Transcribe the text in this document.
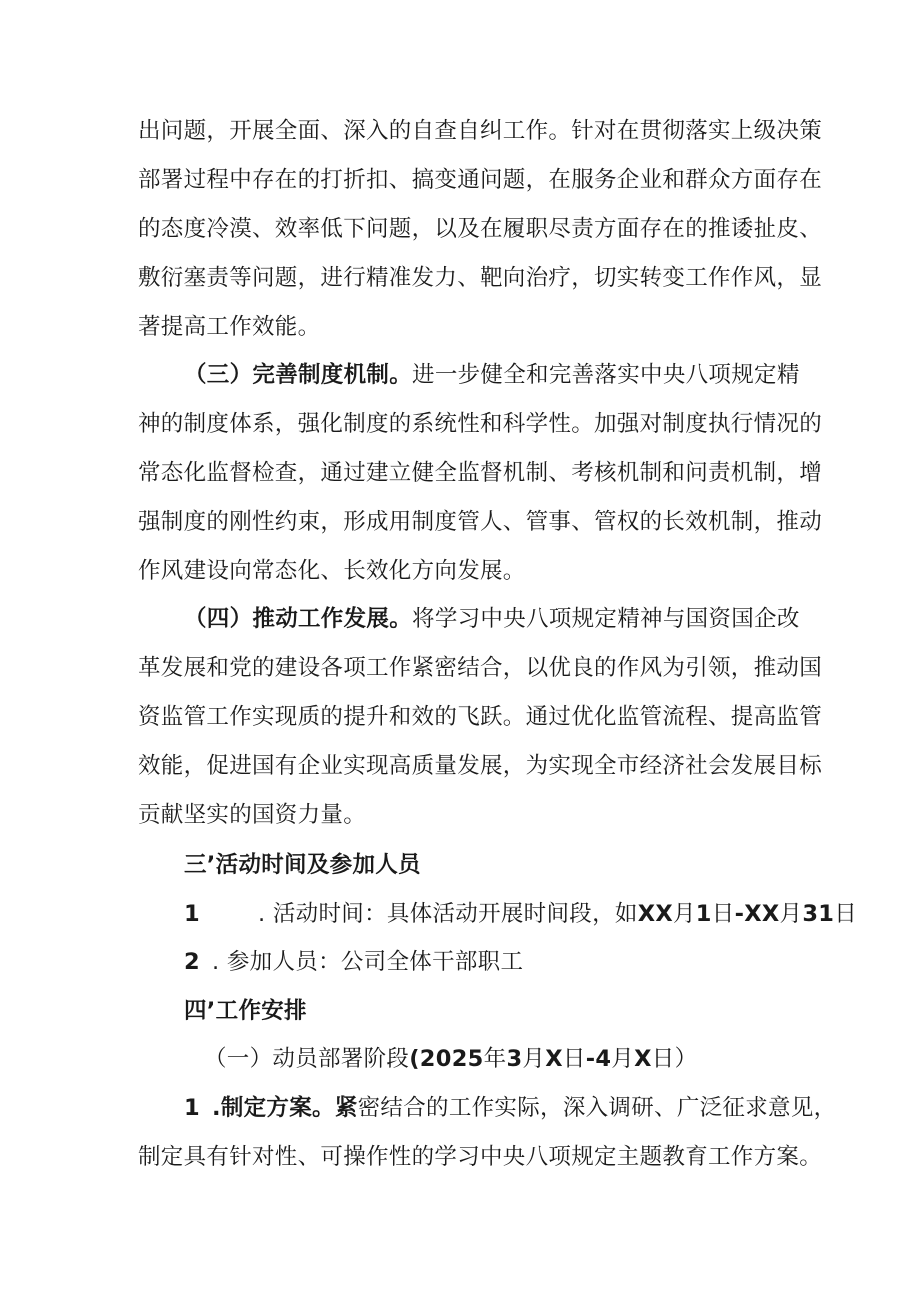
出问题，开展全面、深入的自查自纠工作。针对在贯彻落实上级决策
部署过程中存在的打折扣、搞变通问题，在服务企业和群众方面存在
的态度冷漠、效率低下问题，以及在履职尽责方面存在的推诿扯皮、
敷衍塞责等问题，进行精准发力、靶向治疗，切实转变工作作风，显
著提高工作效能。
（三）完善制度机制。进一步健全和完善落实中央八项规定精
神的制度体系，强化制度的系统性和科学性。加强对制度执行情况的
常态化监督检查，通过建立健全监督机制、考核机制和问责机制，增
强制度的刚性约束，形成用制度管人、管事、管权的长效机制，推动
作风建设向常态化、长效化方向发展。
（四）推动工作发展。将学习中央八项规定精神与国资国企改
革发展和党的建设各项工作紧密结合，以优良的作风为引领，推动国
资监管工作实现质的提升和效的飞跃。通过优化监管流程、提高监管
效能，促进国有企业实现高质量发展，为实现全市经济社会发展目标
贡献坚实的国资力量。
三’活动时间及参加人员
1	. 活动时间：具体活动开展时间段，如XX月1日-XX月31日
2 . 参加人员：公司全体干部职工
四’工作安排
（一）动员部署阶段(2025年3月X日-4月X日）
1 .制定方案。紧密结合的工作实际，深入调研、广泛征求意见，
制定具有针对性、可操作性的学习中央八项规定主题教育工作方案。
